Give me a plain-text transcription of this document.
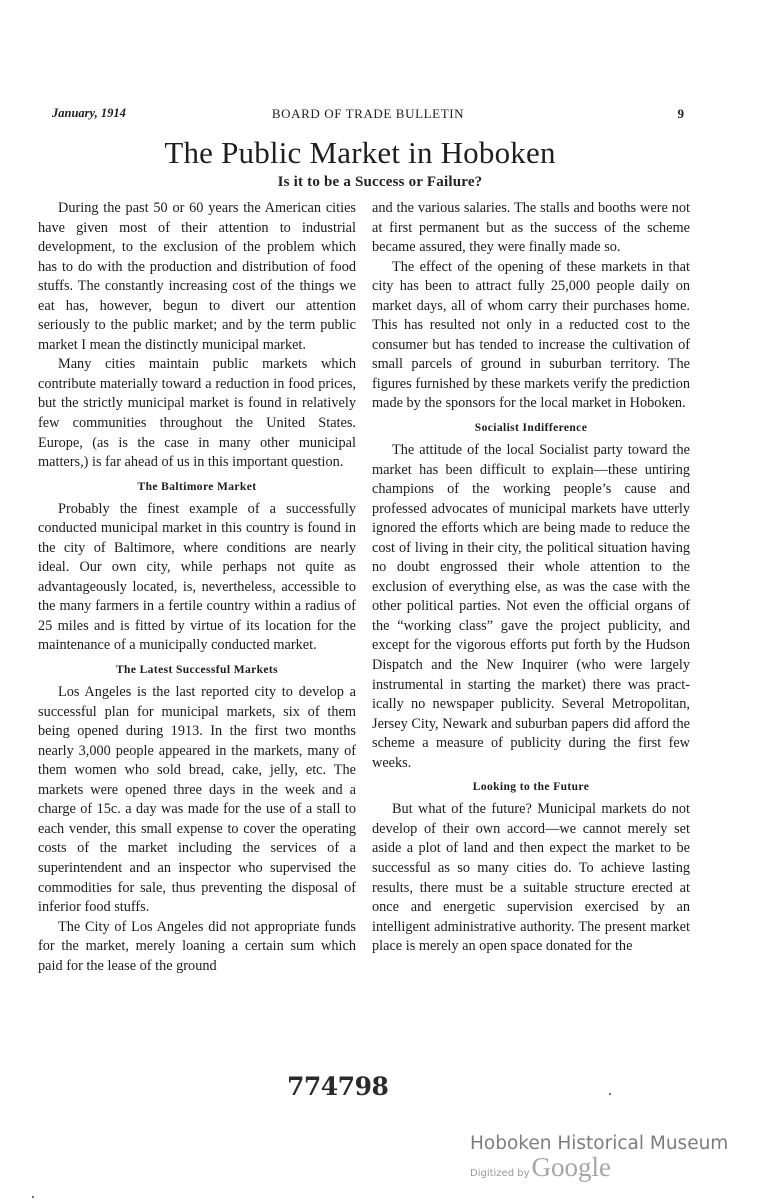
January, 1914	BOARD OF TRADE BULLETIN	9
The Public Market in Hoboken
Is it to be a Success or Failure?

During the past 50 or 60 years the American cities have given most of their attention to industrial development, to the exclusion of the problem which has to do with the production and distribution of food stuffs. The constantly increasing cost of the things we eat has, however, begun to divert our attention seriously to the public market; and by the term public market I mean the distinctly municipal market.

Many cities maintain public markets which contribute materially toward a reduction in food prices, but the strictly municipal market is found in relatively few communities throughout the United States. Europe, (as is the case in many other municipal matters,) is far ahead of us in this important question.

The Baltimore Market

Probably the finest example of a successfully conducted municipal market in this country is found in the city of Baltimore, where conditions are nearly ideal. Our own city, while perhaps not quite as advantageously located, is, nevertheless, accessible to the many farmers in a fertile country within a radius of 25 miles and is fitted by virtue of its location for the maintenance of a municipally conducted market.

The Latest Successful Markets

Los Angeles is the last reported city to develop a successful plan for municipal markets, six of them being opened during 1913. In the first two months nearly 3,000 people appeared in the markets, many of them women who sold bread, cake, jelly, etc. The markets were opened three days in the week and a charge of 15c. a day was made for the use of a stall to each vender, this small expense to cover the operating costs of the market including the services of a superintendent and an inspector who supervised the commodities for sale, thus preventing the disposal of inferior food stuffs.

The City of Los Angeles did not appropriate funds for the market, merely loaning a certain sum which paid for the lease of the ground

and the various salaries. The stalls and booths were not at first permanent but as the success of the scheme became assured, they were finally made so.

The effect of the opening of these markets in that city has been to attract fully 25,000 people daily on market days, all of whom carry their purchases home. This has resulted not only in a reducted cost to the consumer but has tended to increase the cultivation of small parcels of ground in suburban territory. The figures furnished by these markets verify the prediction made by the sponsors for the local market in Hoboken.

Socialist Indifference

The attitude of the local Socialist party toward the market has been difficult to explain—these untiring champions of the working people’s cause and professed advocates of municipal markets have utterly ignored the efforts which are being made to reduce the cost of living in their city, the political situation having no doubt engrossed their whole attention to the exclusion of everything else, as was the case with the other political parties. Not even the official organs of the “working class” gave the project publicity, and except for the vigorous efforts put forth by the Hudson Dispatch and the New Inquirer (who were largely instrumental in starting the market) there was practically no newspaper publicity. Several Metropolitan, Jersey City, Newark and suburban papers did afford the scheme a measure of publicity during the first few weeks.

Looking to the Future

But what of the future? Municipal markets do not develop of their own accord—we cannot merely set aside a plot of land and then expect the market to be successful as so many cities do. To achieve lasting results, there must be a suitable structure erected at once and energetic supervision exercised by an intelligent administrative authority. The present market place is merely an open space donated for the

774798
Hoboken Historical Museum
Digitized by Google
